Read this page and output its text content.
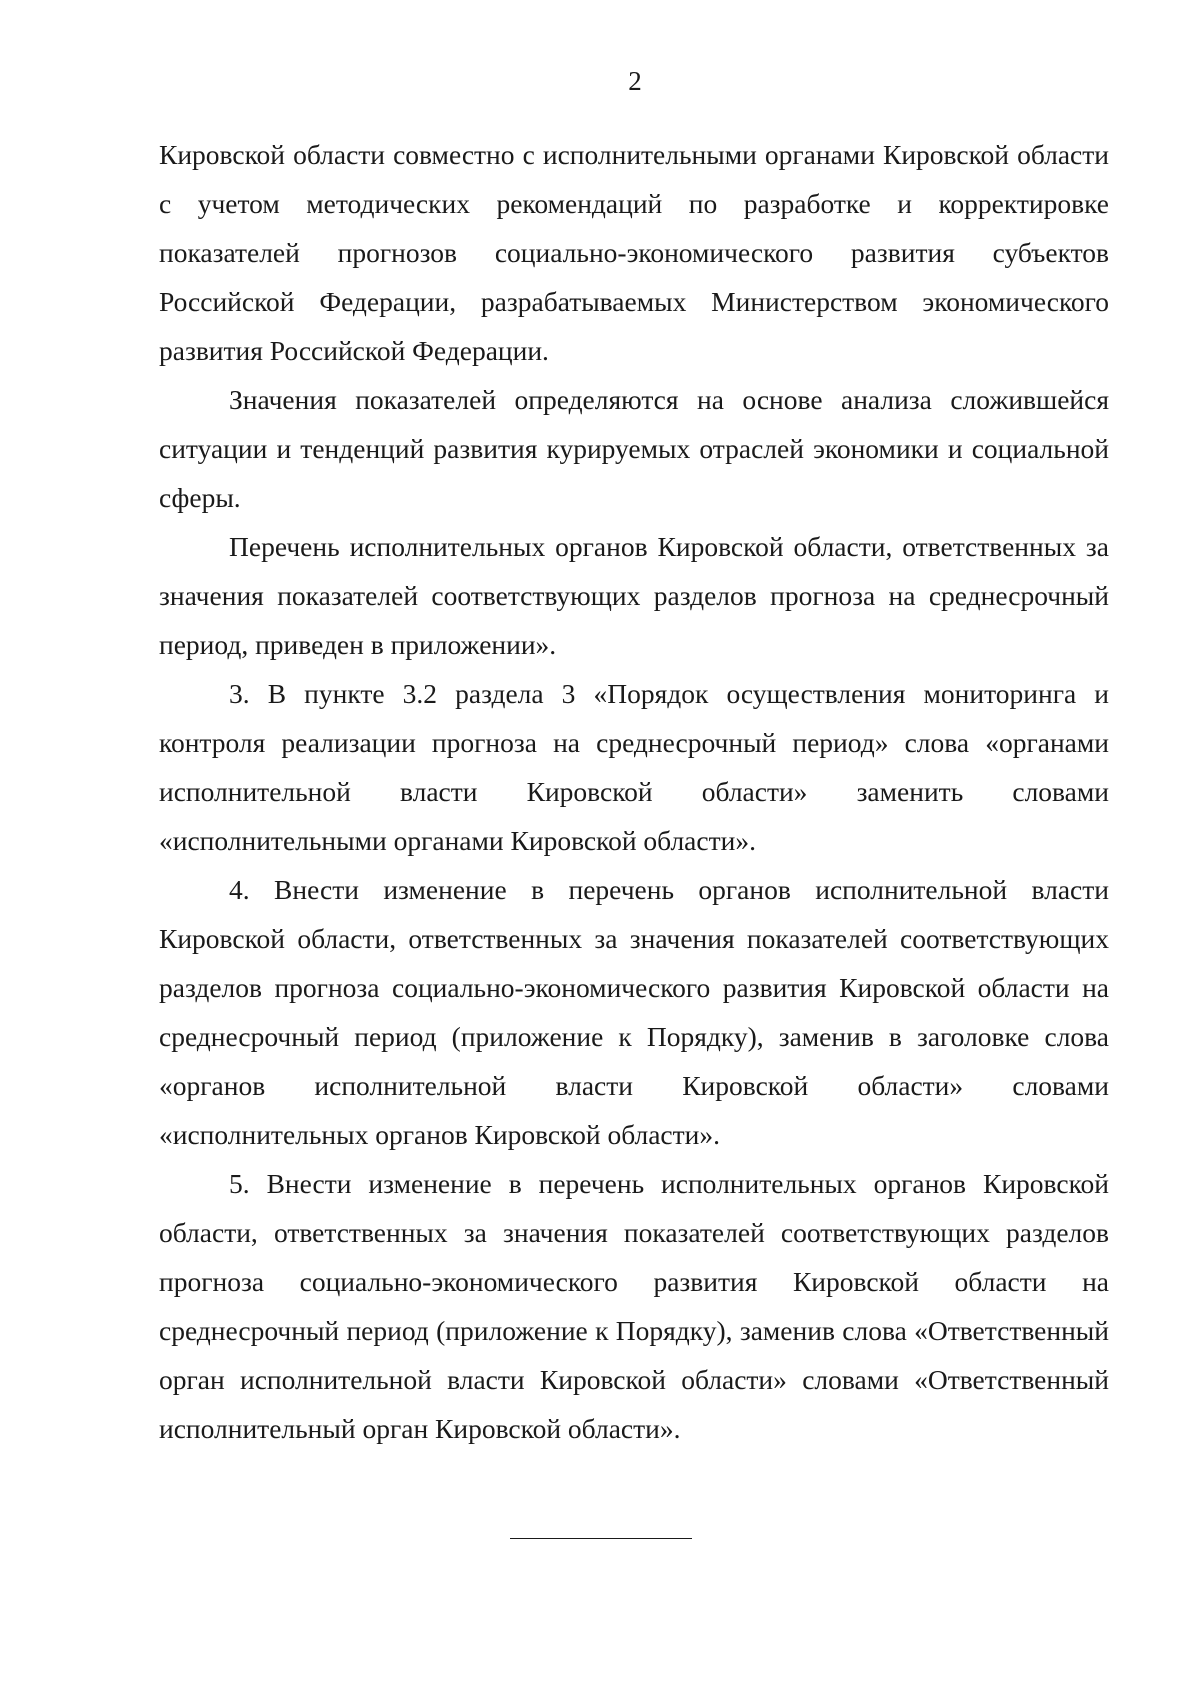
2

Кировской области совместно с исполнительными органами Кировской области с учетом методических рекомендаций по разработке и корректировке показателей прогнозов социально-экономического развития субъектов Российской Федерации, разрабатываемых Министерством экономического развития Российской Федерации.

Значения показателей определяются на основе анализа сложившейся ситуации и тенденций развития курируемых отраслей экономики и социальной сферы.

Перечень исполнительных органов Кировской области, ответственных за значения показателей соответствующих разделов прогноза на среднесрочный период, приведен в приложении».

3. В пункте 3.2 раздела 3 «Порядок осуществления мониторинга и контроля реализации прогноза на среднесрочный период» слова «органами исполнительной власти Кировской области» заменить словами «исполнительными органами Кировской области».

4. Внести изменение в перечень органов исполнительной власти Кировской области, ответственных за значения показателей соответствующих разделов прогноза социально-экономического развития Кировской области на среднесрочный период (приложение к Порядку), заменив в заголовке слова «органов исполнительной власти Кировской области» словами «исполнительных органов Кировской области».

5. Внести изменение в перечень исполнительных органов Кировской области, ответственных за значения показателей соответствующих разделов прогноза социально-экономического развития Кировской области на среднесрочный период (приложение к Порядку), заменив слова «Ответственный орган исполнительной власти Кировской области» словами «Ответственный исполнительный орган Кировской области».
